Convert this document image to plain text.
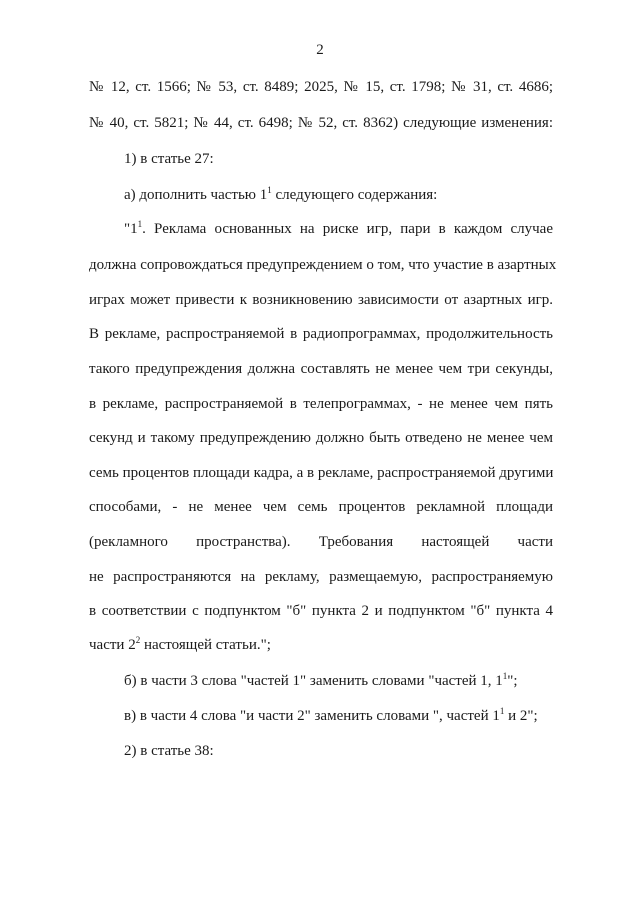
2
№ 12, ст. 1566; № 53, ст. 8489; 2025, № 15, ст. 1798; № 31, ст. 4686;
№ 40, ст. 5821; № 44, ст. 6498; № 52, ст. 8362) следующие изменения:
1) в статье 27:
а) дополнить частью $1^1$ следующего содержания:
"$1^1$. Реклама основанных на риске игр, пари в каждом случае
должна сопровождаться предупреждением о том, что участие в азартных
играх может привести к возникновению зависимости от азартных игр.
В рекламе, распространяемой в радиопрограммах, продолжительность
такого предупреждения должна составлять не менее чем три секунды,
в рекламе, распространяемой в телепрограммах, - не менее чем пять
секунд и такому предупреждению должно быть отведено не менее чем
семь процентов площади кадра, а в рекламе, распространяемой другими
способами, - не менее чем семь процентов рекламной площади
(рекламного пространства). Требования настоящей части
не распространяются на рекламу, размещаемую, распространяемую
в соответствии с подпунктом "б" пункта 2 и подпунктом "б" пункта 4
части $2^2$ настоящей статьи.";
б) в части 3 слова "частей 1" заменить словами "частей 1, $1^1$";
в) в части 4 слова "и части 2" заменить словами ", частей $1^1$ и 2";
2) в статье 38:
